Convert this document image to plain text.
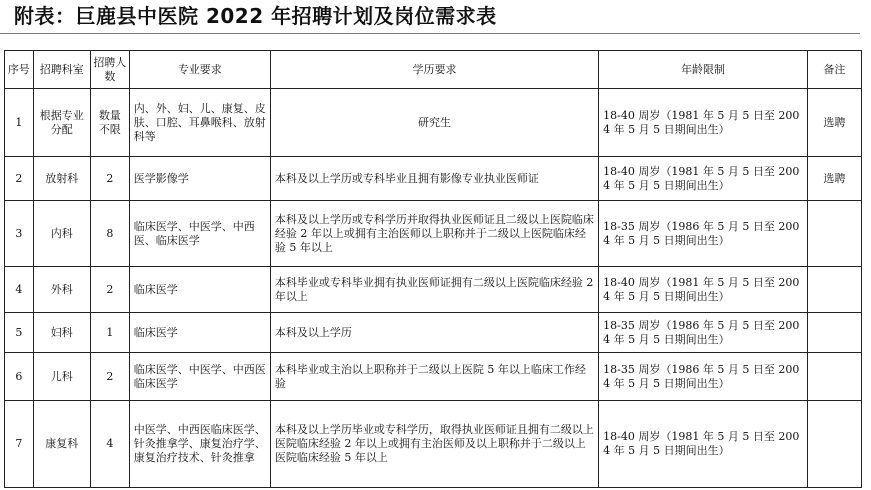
附表：巨鹿县中医院 2022 年招聘计划及岗位需求表
序号	招聘科室	招聘人数	专业要求	学历要求	年龄限制	备注
1	根据专业分配	数量不限	内、外、妇、儿、康复、皮肤、口腔、耳鼻喉科、放射科等	研究生	18-40 周岁（1981 年 5 月 5 日至 2004 年 5 月 5 日期间出生）	选聘
2	放射科	2	医学影像学	本科及以上学历或专科毕业且拥有影像专业执业医师证	18-40 周岁（1981 年 5 月 5 日至 2004 年 5 月 5 日期间出生）	选聘
3	内科	8	临床医学、中医学、中西医、临床医学	本科及以上学历或专科学历并取得执业医师证且二级以上医院临床经验 2 年以上或拥有主治医师以上职称并于二级以上医院临床经验 5 年以上	18-35 周岁（1986 年 5 月 5 日至 2004 年 5 月 5 日期间出生）	
4	外科	2	临床医学	本科毕业或专科毕业拥有执业医师证拥有二级以上医院临床经验 2 年以上	18-40 周岁（1981 年 5 月 5 日至 2004 年 5 月 5 日期间出生）	
5	妇科	1	临床医学	本科及以上学历	18-35 周岁（1986 年 5 月 5 日至 2004 年 5 月 5 日期间出生）	
6	儿科	2	临床医学、中医学、中西医临床医学	本科毕业或主治以上职称并于二级以上医院 5 年以上临床工作经验	18-35 周岁（1986 年 5 月 5 日至 2004 年 5 月 5 日期间出生）	
7	康复科	4	中医学、中西医临床医学、针灸推拿学、康复治疗学、康复治疗技术、针灸推拿	本科及以上学历毕业或专科学历，取得执业医师证且拥有二级以上医院临床经验 2 年以上或拥有主治医师及以上职称并于二级以上医院临床经验 5 年以上	18-40 周岁（1981 年 5 月 5 日至 2004 年 5 月 5 日期间出生）	
